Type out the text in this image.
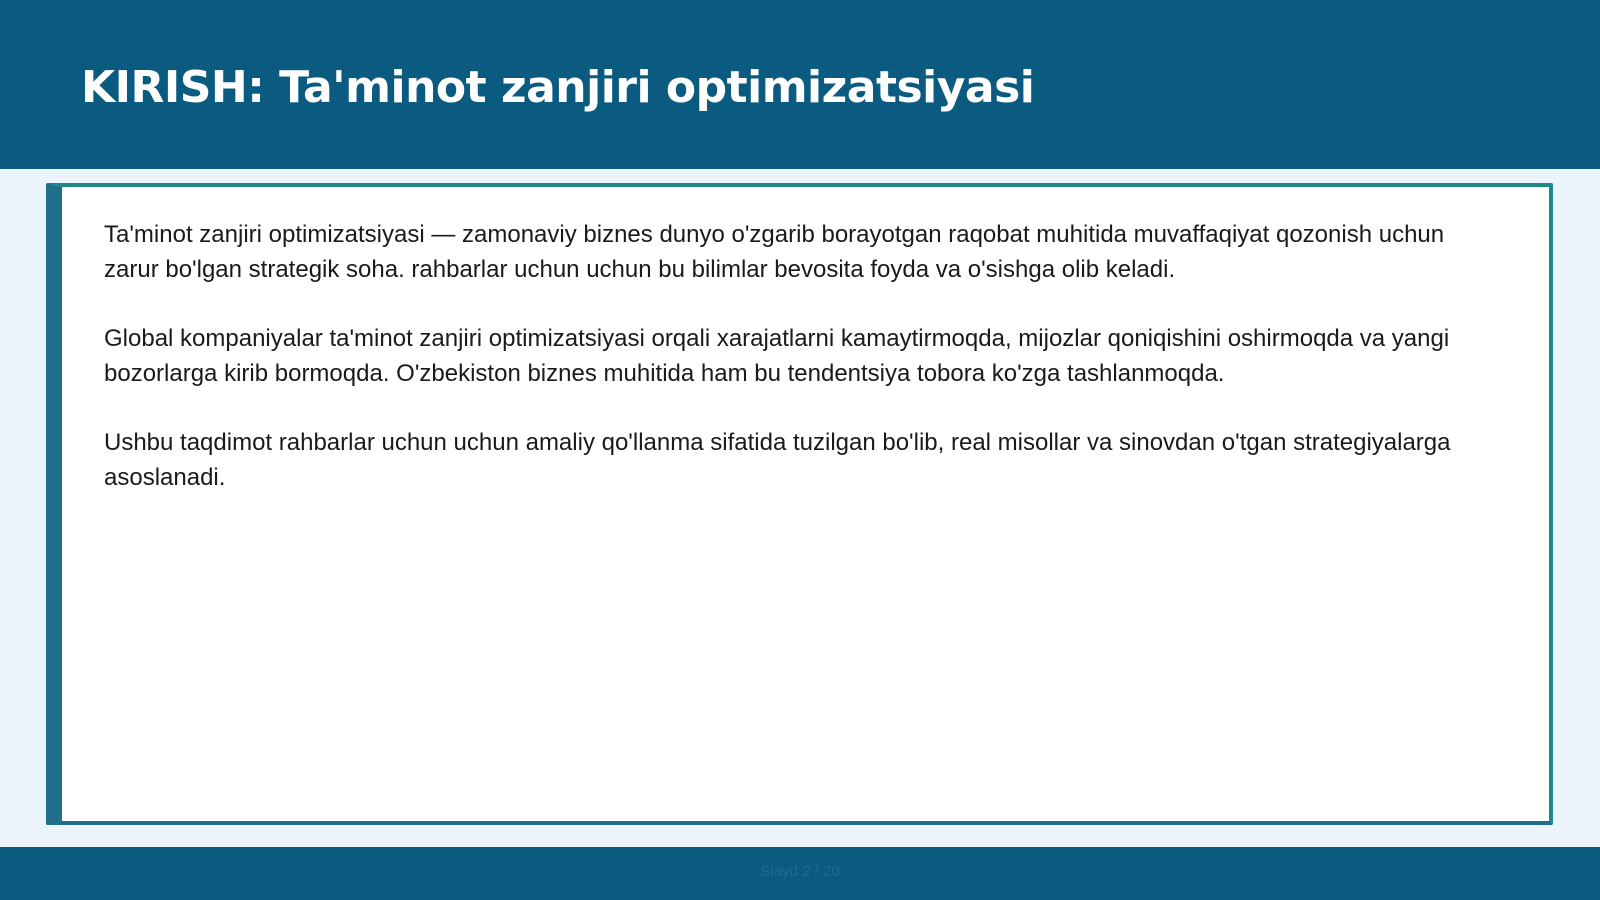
KIRISH: Ta'minot zanjiri optimizatsiyasi

Ta'minot zanjiri optimizatsiyasi — zamonaviy biznes dunyo o'zgarib borayotgan raqobat muhitida muvaffaqiyat qozonish uchun zarur bo'lgan strategik soha. rahbarlar uchun uchun bu bilimlar bevosita foyda va o'sishga olib keladi.

Global kompaniyalar ta'minot zanjiri optimizatsiyasi orqali xarajatlarni kamaytirmoqda, mijozlar qoniqishini oshirmoqda va yangi bozorlarga kirib bormoqda. O'zbekiston biznes muhitida ham bu tendentsiya tobora ko'zga tashlanmoqda.

Ushbu taqdimot rahbarlar uchun uchun amaliy qo'llanma sifatida tuzilgan bo'lib, real misollar va sinovdan o'tgan strategiyalarga asoslanadi.

Slayd 2 / 20
